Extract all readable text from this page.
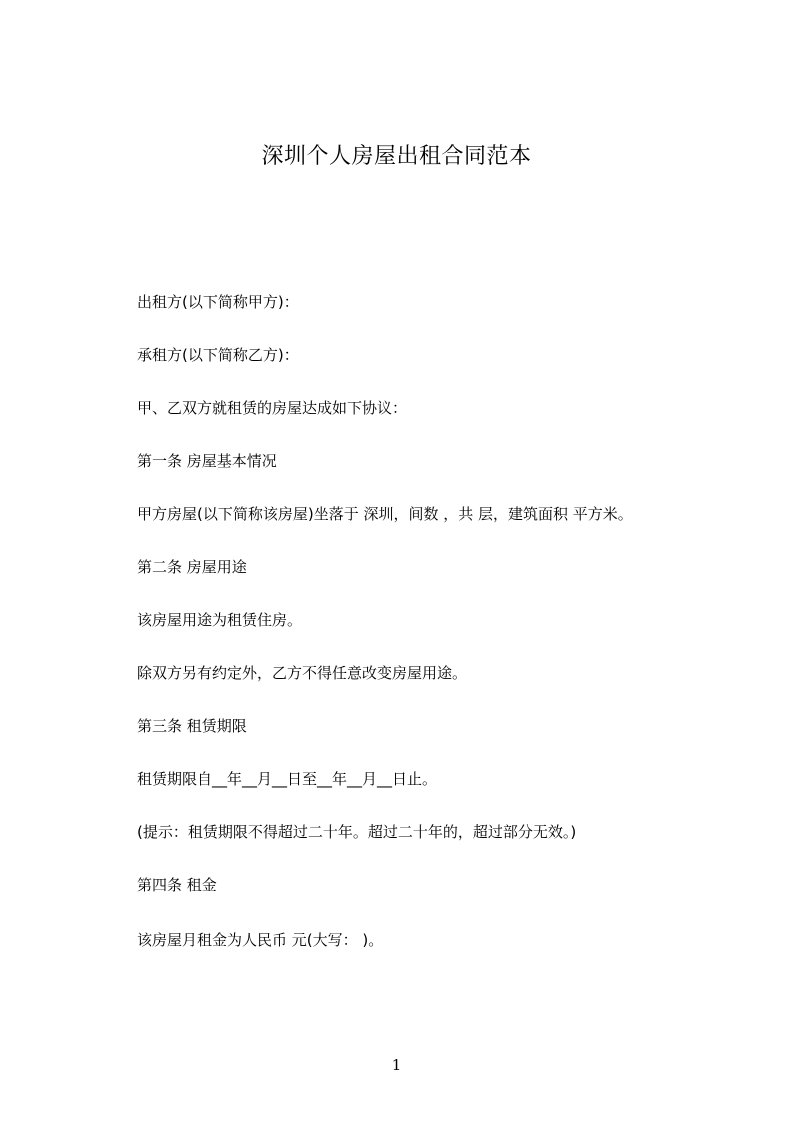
深圳个人房屋出租合同范本
出租方(以下简称甲方)：
承租方(以下简称乙方)：
甲、乙双方就租赁的房屋达成如下协议：
第一条 房屋基本情况
甲方房屋(以下简称该房屋)坐落于 深圳，间数 ，共 层，建筑面积 平方米。
第二条 房屋用途
该房屋用途为租赁住房。
除双方另有约定外，乙方不得任意改变房屋用途。
第三条 租赁期限
租赁期限自__年__月__日至__年__月__日止。
(提示：租赁期限不得超过二十年。超过二十年的，超过部分无效。)
第四条 租金
该房屋月租金为人民币 元(大写： )。
1
